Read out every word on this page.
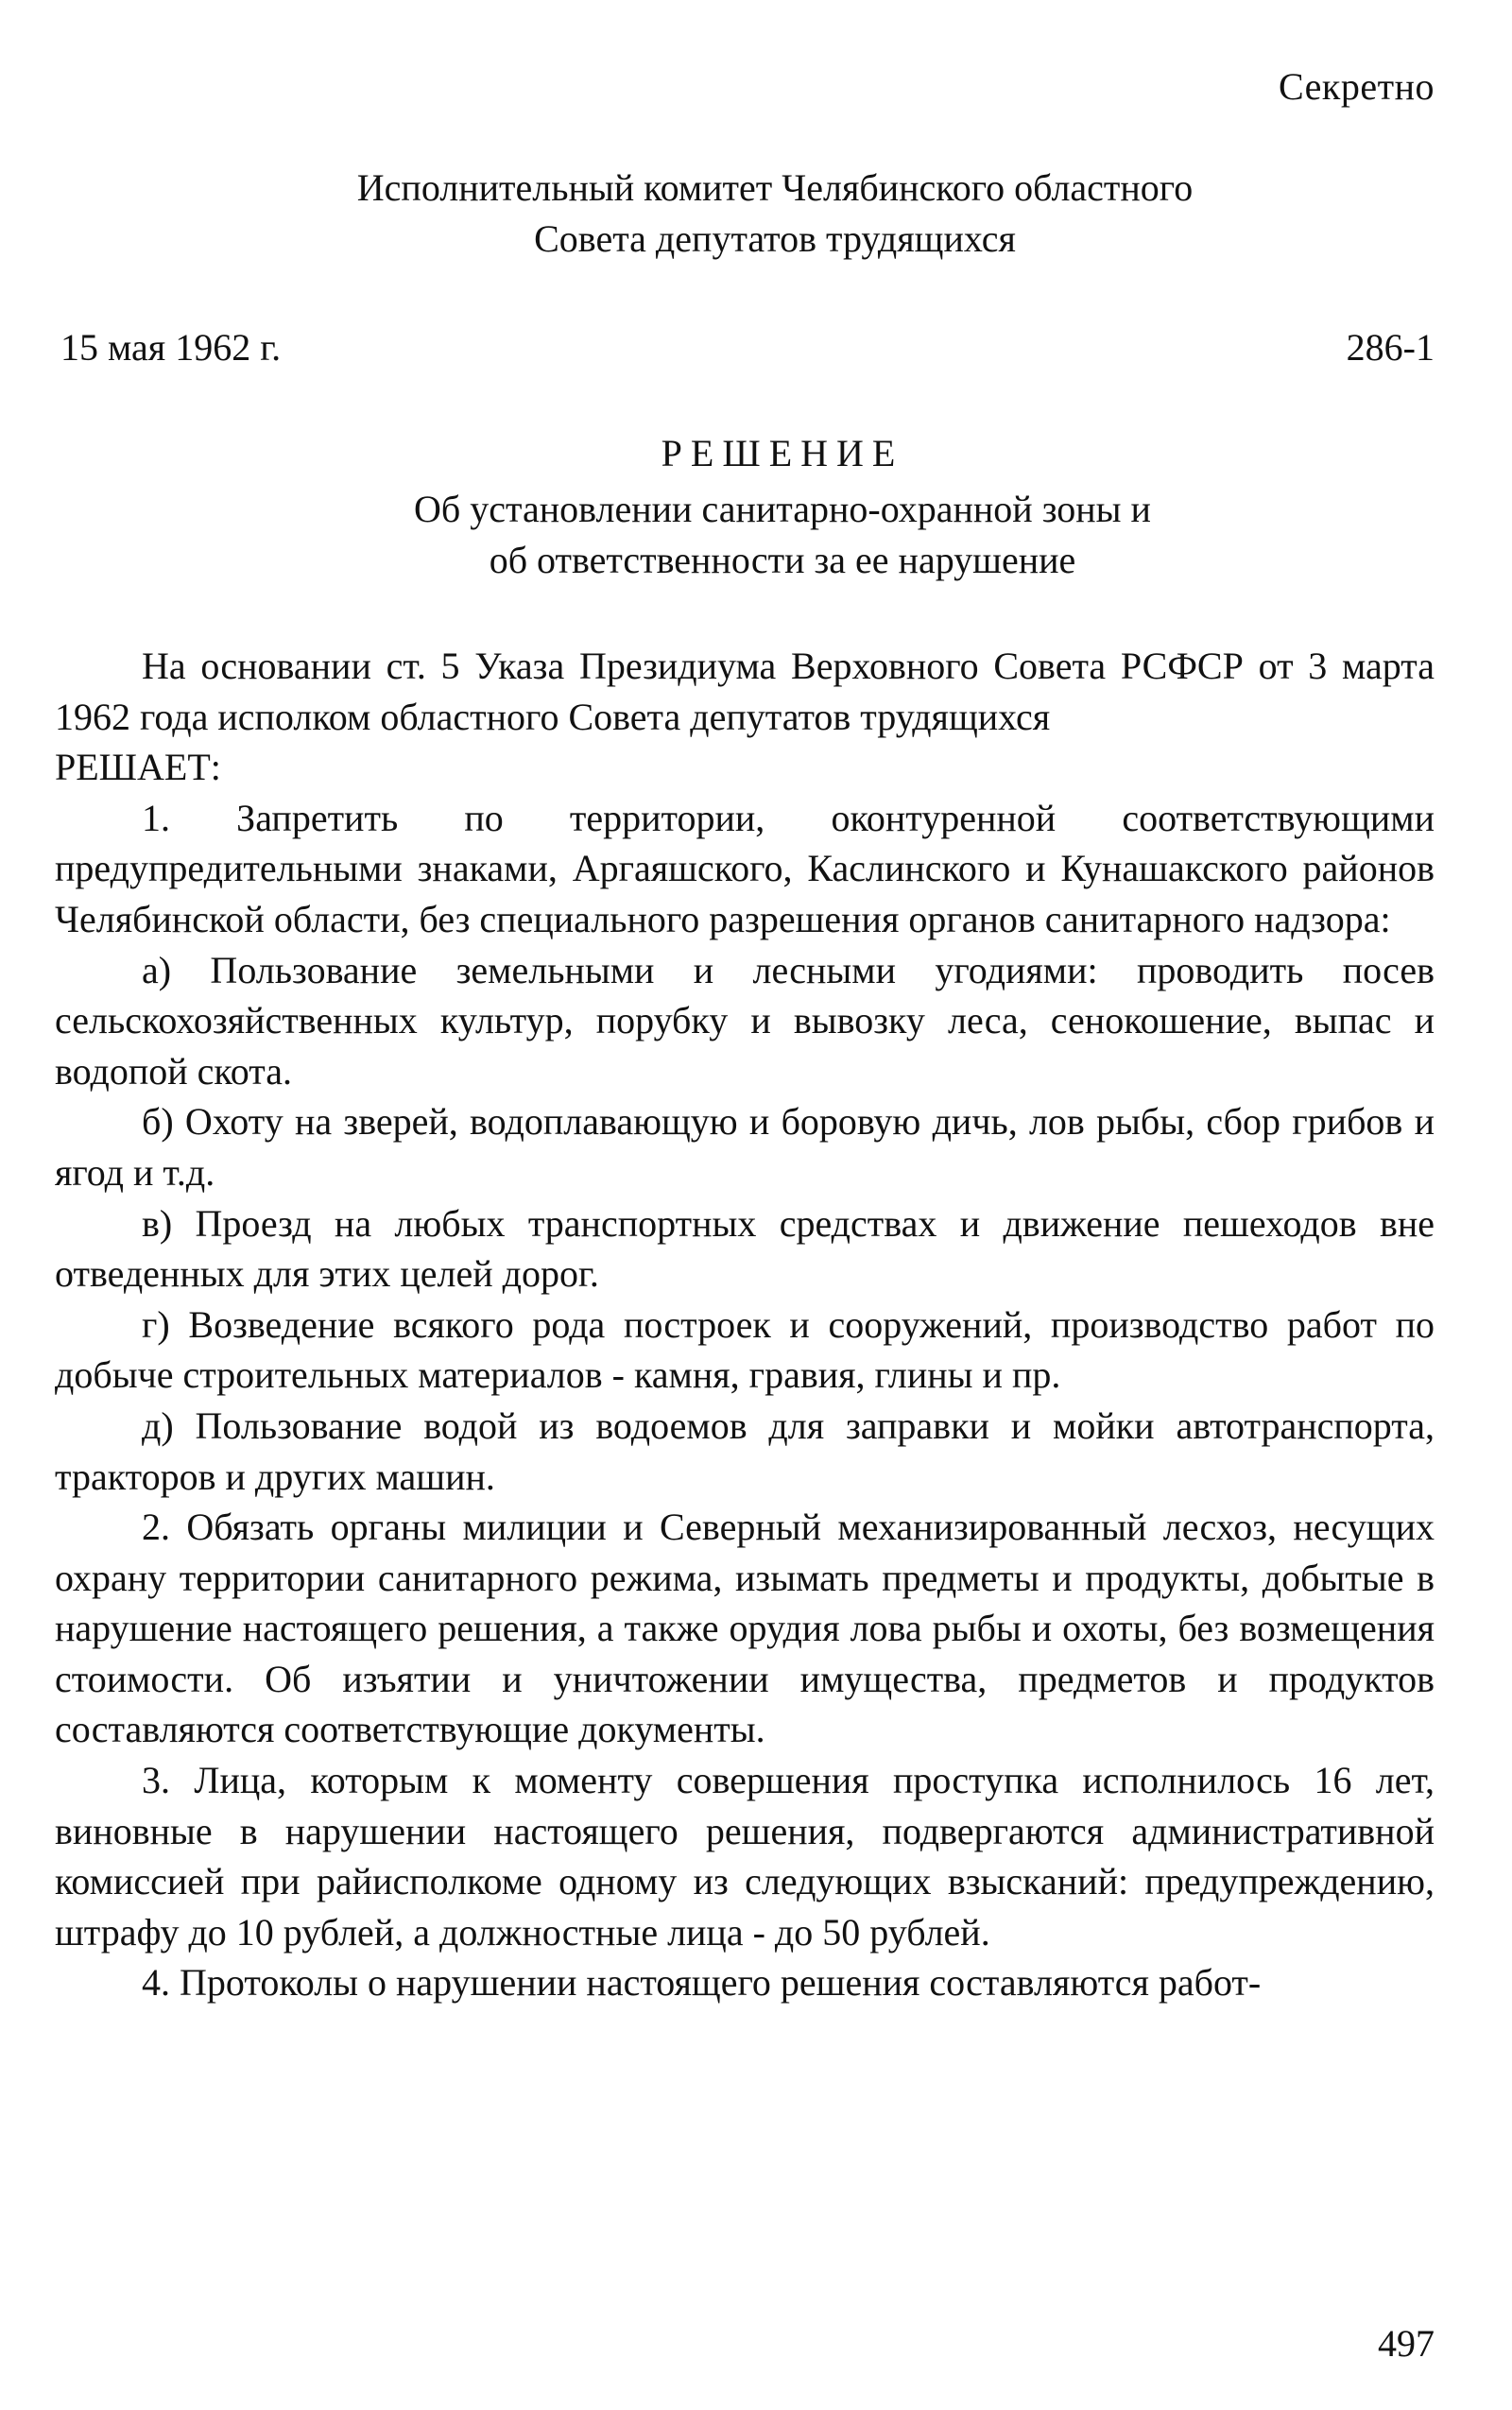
Секретно
Исполнительный комитет Челябинского областного
Совета депутатов трудящихся
15 мая 1962 г.	286-1
РЕШЕНИЕ
Об установлении санитарно-охранной зоны и
об ответственности за ее нарушение

На основании ст. 5 Указа Президиума Верховного Совета РСФСР от 3 марта 1962 года исполком областного Совета депутатов трудящихся

РЕШАЕТ:

1. Запретить по территории, оконтуренной соответствующими предупредительными знаками, Аргаяшского, Каслинского и Кунашакского районов Челябинской области, без специального разрешения органов санитарного надзора:

а) Пользование земельными и лесными угодиями: проводить посев сельскохозяйственных культур, порубку и вывозку леса, сенокошение, выпас и водопой скота.

б) Охоту на зверей, водоплавающую и боровую дичь, лов рыбы, сбор грибов и ягод и т.д.

в) Проезд на любых транспортных средствах и движение пешеходов вне отведенных для этих целей дорог.

г) Возведение всякого рода построек и сооружений, производство работ по добыче строительных материалов - камня, гравия, глины и пр.

д) Пользование водой из водоемов для заправки и мойки автотранспорта, тракторов и других машин.

2. Обязать органы милиции и Северный механизированный лесхоз, несущих охрану территории санитарного режима, изымать предметы и продукты, добытые в нарушение настоящего решения, а также орудия лова рыбы и охоты, без возмещения стоимости. Об изъятии и уничтожении имущества, предметов и продуктов составляются соответствующие документы.

3. Лица, которым к моменту совершения проступка исполнилось 16 лет, виновные в нарушении настоящего решения, подвергаются административной комиссией при райисполкоме одному из следующих взысканий: предупреждению, штрафу до 10 рублей, а должностные лица - до 50 рублей.

4. Протоколы о нарушении настоящего решения составляются работ-

497
